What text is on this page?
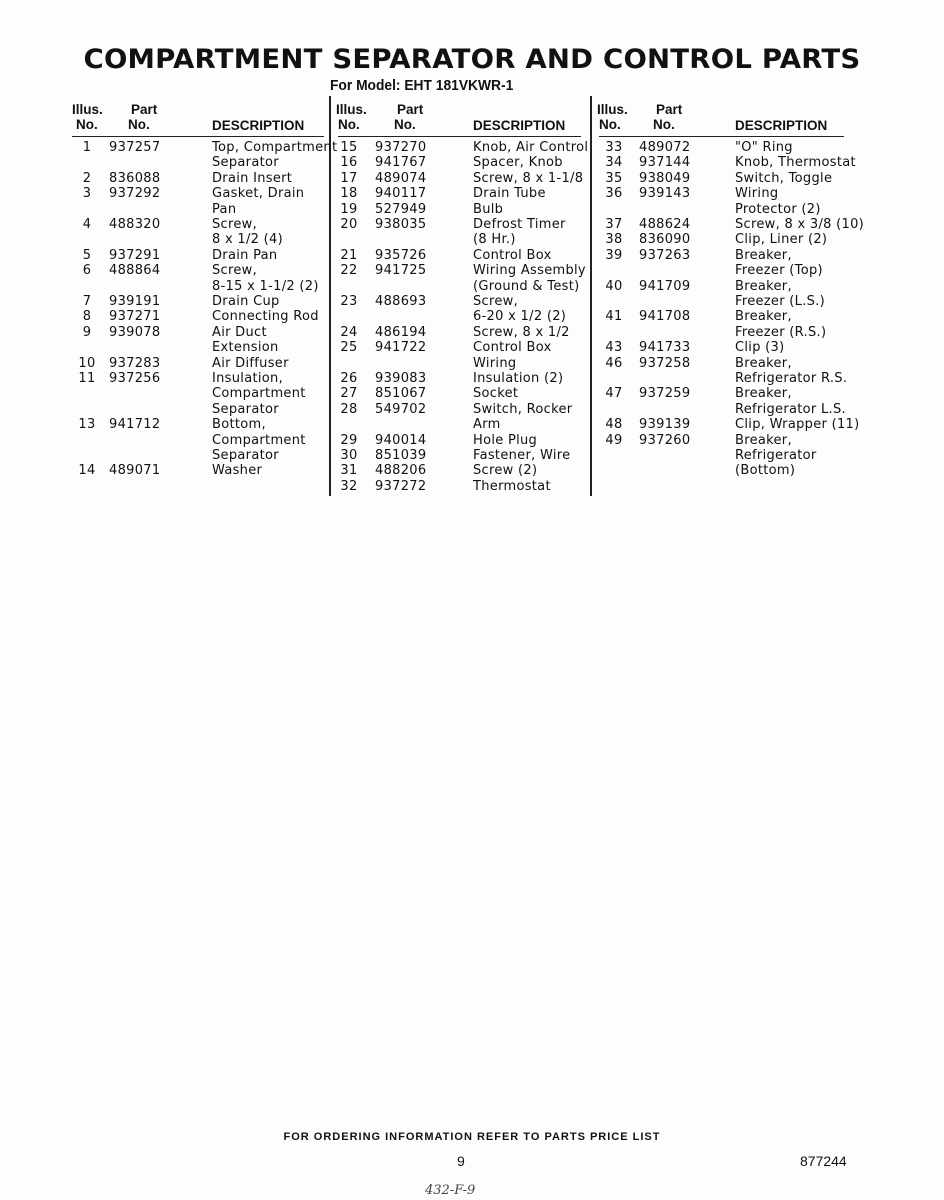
COMPARTMENT SEPARATOR AND CONTROL PARTS
For Model: EHT 181VKWR-1
Illus.
No.
Part
No.	DESCRIPTION
1	937257	Top, Compartment
Separator
2	836088	Drain Insert
3	937292	Gasket, Drain
Pan
4	488320	Screw,
8 x 1/2 (4)
5	937291	Drain Pan
6	488864	Screw,
8-15 x 1-1/2 (2)
7	939191	Drain Cup
8	937271	Connecting Rod
9	939078	Air Duct
Extension
10	937283	Air Diffuser
11	937256	Insulation,
Compartment
Separator
13	941712	Bottom,
Compartment
Separator
14	489071	Washer
Illus.
No.
Part
No.	DESCRIPTION
15 937270	Knob, Air Control
16 941767	Spacer, Knob
17 489074	Screw, 8 x 1-1/8
18 940117	Drain Tube
19 527949	Bulb
20 938035	Defrost Timer
(8 Hr.)
21 935726	Control Box
22 941725	Wiring Assembly
(Ground & Test)
23 488693	Screw,
6-20 x 1/2 (2)
24 486194	Screw, 8 x 1/2
25 941722	Control Box
Wiring
26 939083	Insulation (2)
27 851067	Socket
28 549702	Switch, Rocker
Arm
29 940014	Hole Plug
30 851039	Fastener, Wire
31 488206	Screw (2)
32 937272	Thermostat
Illus.
No.
Part
No.	DESCRIPTION
33 489072	"O" Ring
34 937144	Knob, Thermostat
35 938049	Switch, Toggle
36 939143	Wiring
Protector (2)
37 488624	Screw, 8 x 3/8 (10)
38 836090	Clip, Liner (2)
39 937263	Breaker,
Freezer (Top)
40 941709	Breaker,
Freezer (L.S.)
41 941708	Breaker,
Freezer (R.S.)
43 941733	Clip (3)
46 937258	Breaker,
Refrigerator R.S.
47 937259	Breaker,
Refrigerator L.S.
48 939139	Clip, Wrapper (11)
49 937260	Breaker,
Refrigerator
(Bottom)
FOR ORDERING INFORMATION REFER TO PARTS PRICE LIST
9	877244
432-F-9
